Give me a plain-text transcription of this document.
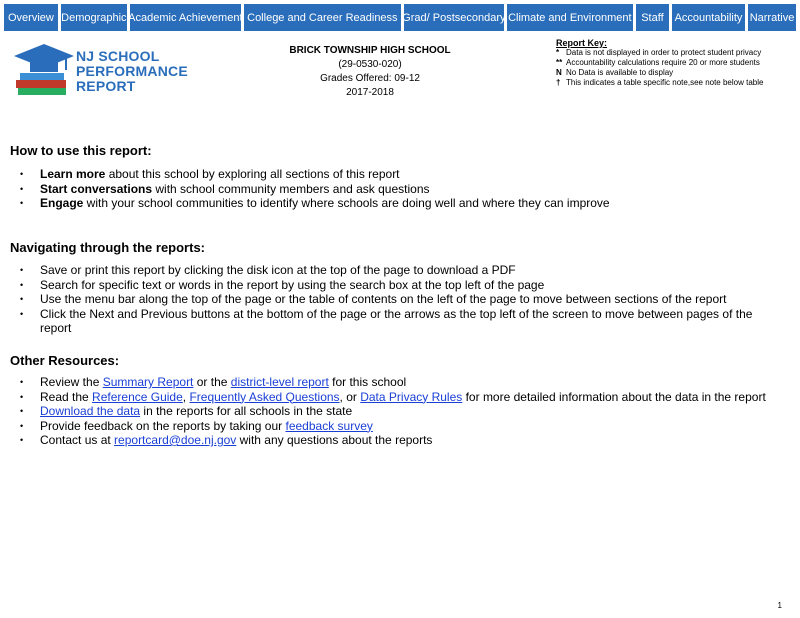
Overview Demographic Academic Achievement College and Career Readiness Grad/ Postsecondary Climate and Environment Staff Accountability Narrative
NJ SCHOOL
PERFORMANCE
REPORT
BRICK TOWNSHIP HIGH SCHOOL
(29-0530-020)
Grades Offered: 09-12
2017-2018
Report Key:
* Data is not displayed in order to protect student privacy
** Accountability calculations require 20 or more students
N No Data is available to display
† This indicates a table specific note,see note below table
How to use this report:
• Learn more about this school by exploring all sections of this report
• Start conversations with school community members and ask questions
• Engage with your school communities to identify where schools are doing well and where they can improve
Navigating through the reports:
• Save or print this report by clicking the disk icon at the top of the page to download a PDF
• Search for specific text or words in the report by using the search box at the top left of the page
• Use the menu bar along the top of the page or the table of contents on the left of the page to move between sections of the report
• Click the Next and Previous buttons at the bottom of the page or the arrows as the top left of the screen to move between pages of the report
Other Resources:
• Review the Summary Report or the district-level report for this school
• Read the Reference Guide, Frequently Asked Questions, or Data Privacy Rules for more detailed information about the data in the report
• Download the data in the reports for all schools in the state
• Provide feedback on the reports by taking our feedback survey
• Contact us at reportcard@doe.nj.gov with any questions about the reports
1
